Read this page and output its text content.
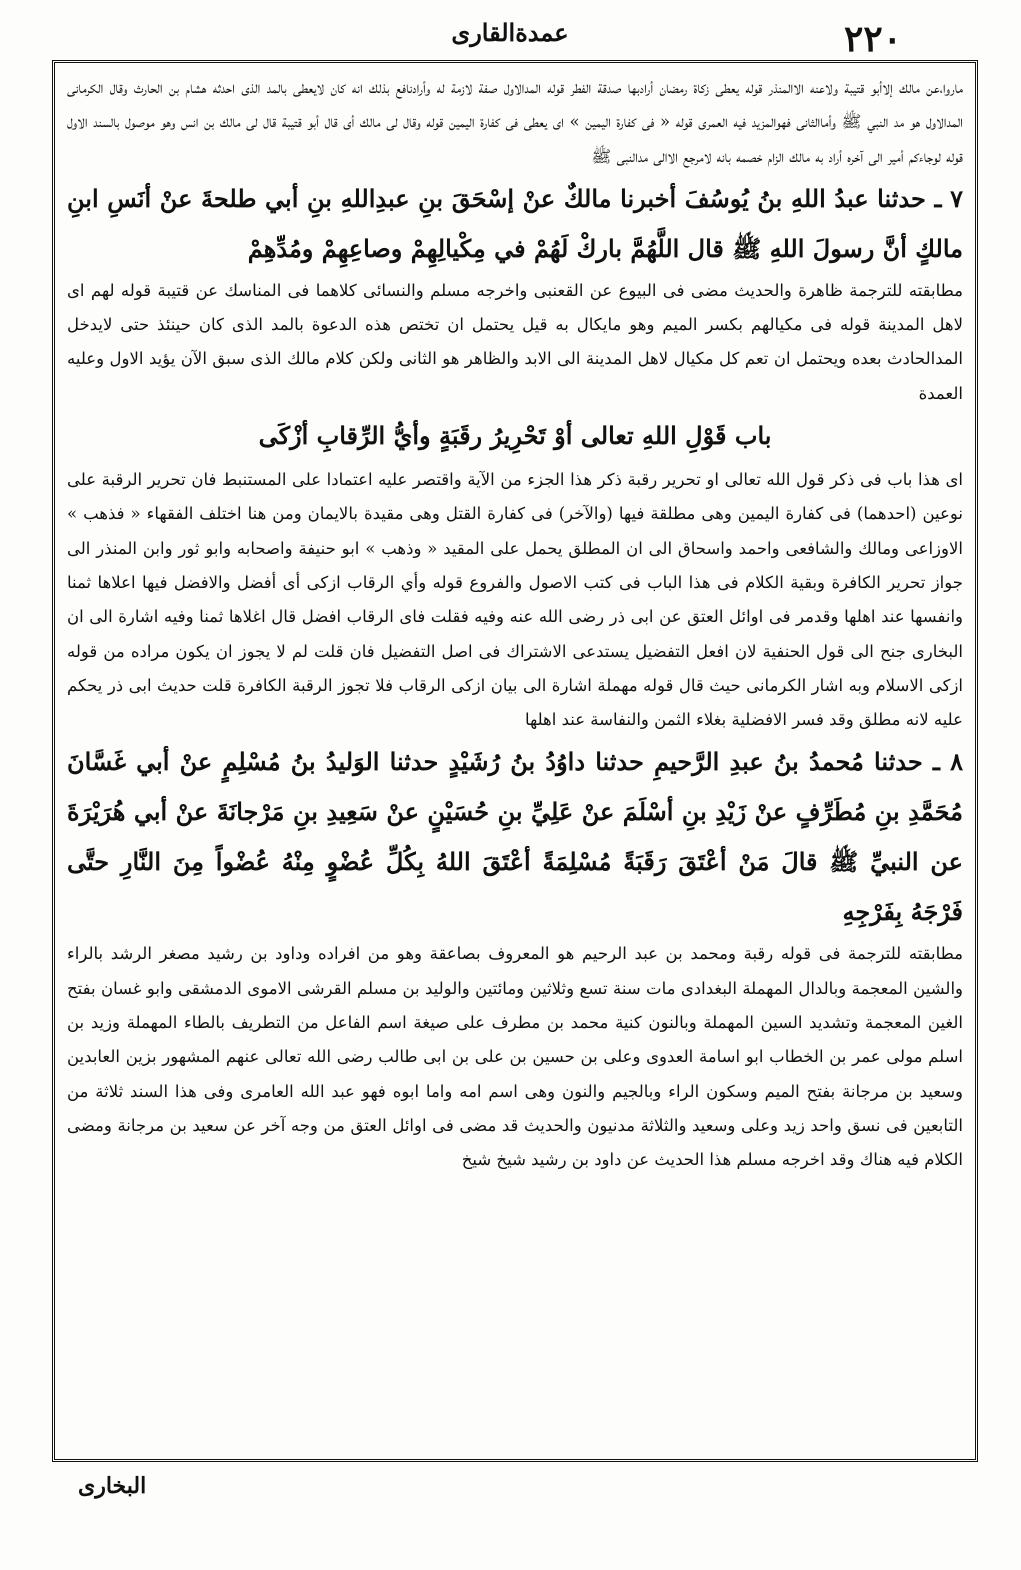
٢٢٠
عمدةالقارى

ماروا،عن مالك إلاأبو قتيبة ولاعنه الاالمنذر قوله يعطى زكاة رمضان أرادبها صدقة الفطر قوله المدالاول صفة لازمة له وأرادنافع بذلك انه كان لايعطى بالمد الذى احدثه هشام بن الحارث وقال الكرمانى المدالاول هو مد النبي ﷺ وأماالثانى فهوالمزيد فيه العمرى قوله « فى كفارة اليمين » اى يعطى فى كفارة اليمين قوله وقال لى مالك أى قال أبو قتيبة قال لى مالك بن انس وهو موصول بالسند الاول قوله لوجاءكم أمير الى آخره أراد به مالك الزام خصمه بانه لامرجع الاالى مدالنبى ﷺ

٧ ـ حدثنا عبدُ اللهِ بنُ يُوسُفَ أخبرنا مالكٌ عنْ إسْحَقَ بنِ عبدِاللهِ بنِ أبي طلحةَ عنْ أنَسِ ابنِ مالكٍ أنَّ رسولَ اللهِ ﷺ قال اللَّهُمَّ باركْ لَهُمْ في مِكْيالِهِمْ وصاعِهِمْ ومُدِّهِمْ

مطابقته للترجمة ظاهرة والحديث مضى فى البيوع عن القعنبى واخرجه مسلم والنسائى كلاهما فى المناسك عن قتيبة قوله لهم اى لاهل المدينة قوله فى مكيالهم بكسر الميم وهو مايكال به قيل يحتمل ان تختص هذه الدعوة بالمد الذى كان حينئذ حتى لايدخل المدالحادث بعده ويحتمل ان تعم كل مكيال لاهل المدينة الى الابد والظاهر هو الثانى ولكن كلام مالك الذى سبق الآن يؤيد الاول وعليه العمدة

باب قَوْلِ اللهِ تعالى أوْ تَحْرِيرُ رقَبَةٍ وأيُّ الرِّقابِ أزْكَى

اى هذا باب فى ذكر قول الله تعالى او تحرير رقبة ذكر هذا الجزء من الآية واقتصر عليه اعتمادا على المستنبط فان تحرير الرقبة على نوعين (احدهما) فى كفارة اليمين وهى مطلقة فيها (والآخر) فى كفارة القتل وهى مقيدة بالايمان ومن هنا اختلف الفقهاء « فذهب » الاوزاعى ومالك والشافعى واحمد واسحاق الى ان المطلق يحمل على المقيد « وذهب » ابو حنيفة واصحابه وابو ثور وابن المنذر الى جواز تحرير الكافرة وبقية الكلام فى هذا الباب فى كتب الاصول والفروع قوله وأي الرقاب ازكى أى أفضل والافضل فيها اعلاها ثمنا وانفسها عند اهلها وقدمر فى اوائل العتق عن ابى ذر رضى الله عنه وفيه فقلت فاى الرقاب افضل قال اغلاها ثمنا وفيه اشارة الى ان البخارى جنح الى قول الحنفية لان افعل التفضيل يستدعى الاشتراك فى اصل التفضيل فان قلت لم لا يجوز ان يكون مراده من قوله ازكى الاسلام وبه اشار الكرمانى حيث قال قوله مهملة اشارة الى بيان ازكى الرقاب فلا تجوز الرقبة الكافرة قلت حديث ابى ذر يحكم عليه لانه مطلق وقد فسر الافضلية بغلاء الثمن والنفاسة عند اهلها

٨ ـ حدثنا مُحمدُ بنُ عبدِ الرَّحيمِ حدثنا داوُدُ بنُ رُشَيْدٍ حدثنا الوَليدُ بنُ مُسْلِمٍ عنْ أبي غَسَّانَ مُحَمَّدِ بنِ مُطَرِّفٍ عنْ زَيْدِ بنِ أسْلَمَ عنْ عَلِيِّ بنِ حُسَيْنٍ عنْ سَعِيدِ بنِ مَرْجانَةَ عنْ أبي هُرَيْرَةَ عن النبيِّ ﷺ قالَ مَنْ أعْتَقَ رَقَبَةً مُسْلِمَةً أعْتَقَ اللهُ بِكُلِّ عُضْوٍ مِنْهُ عُضْواً مِنَ النَّارِ حتَّى فَرْجَهُ بِفَرْجِهِ

مطابقته للترجمة فى قوله رقبة ومحمد بن عبد الرحيم هو المعروف بصاعقة وهو من افراده وداود بن رشيد مصغر الرشد بالراء والشين المعجمة وبالدال المهملة البغدادى مات سنة تسع وثلاثين ومائتين والوليد بن مسلم القرشى الاموى الدمشقى وابو غسان بفتح الغين المعجمة وتشديد السين المهملة وبالنون كنية محمد بن مطرف على صيغة اسم الفاعل من التطريف بالطاء المهملة وزيد بن اسلم مولى عمر بن الخطاب ابو اسامة العدوى وعلى بن حسين بن على بن ابى طالب رضى الله تعالى عنهم المشهور بزين العابدين وسعيد بن مرجانة بفتح الميم وسكون الراء وبالجيم والنون وهى اسم امه واما ابوه فهو عبد الله العامرى وفى هذا السند ثلاثة من التابعين فى نسق واحد زيد وعلى وسعيد والثلاثة مدنيون والحديث قد مضى فى اوائل العتق من وجه آخر عن سعيد بن مرجانة ومضى الكلام فيه هناك وقد اخرجه مسلم هذا الحديث عن داود بن رشيد شيخ شيخ

البخارى
